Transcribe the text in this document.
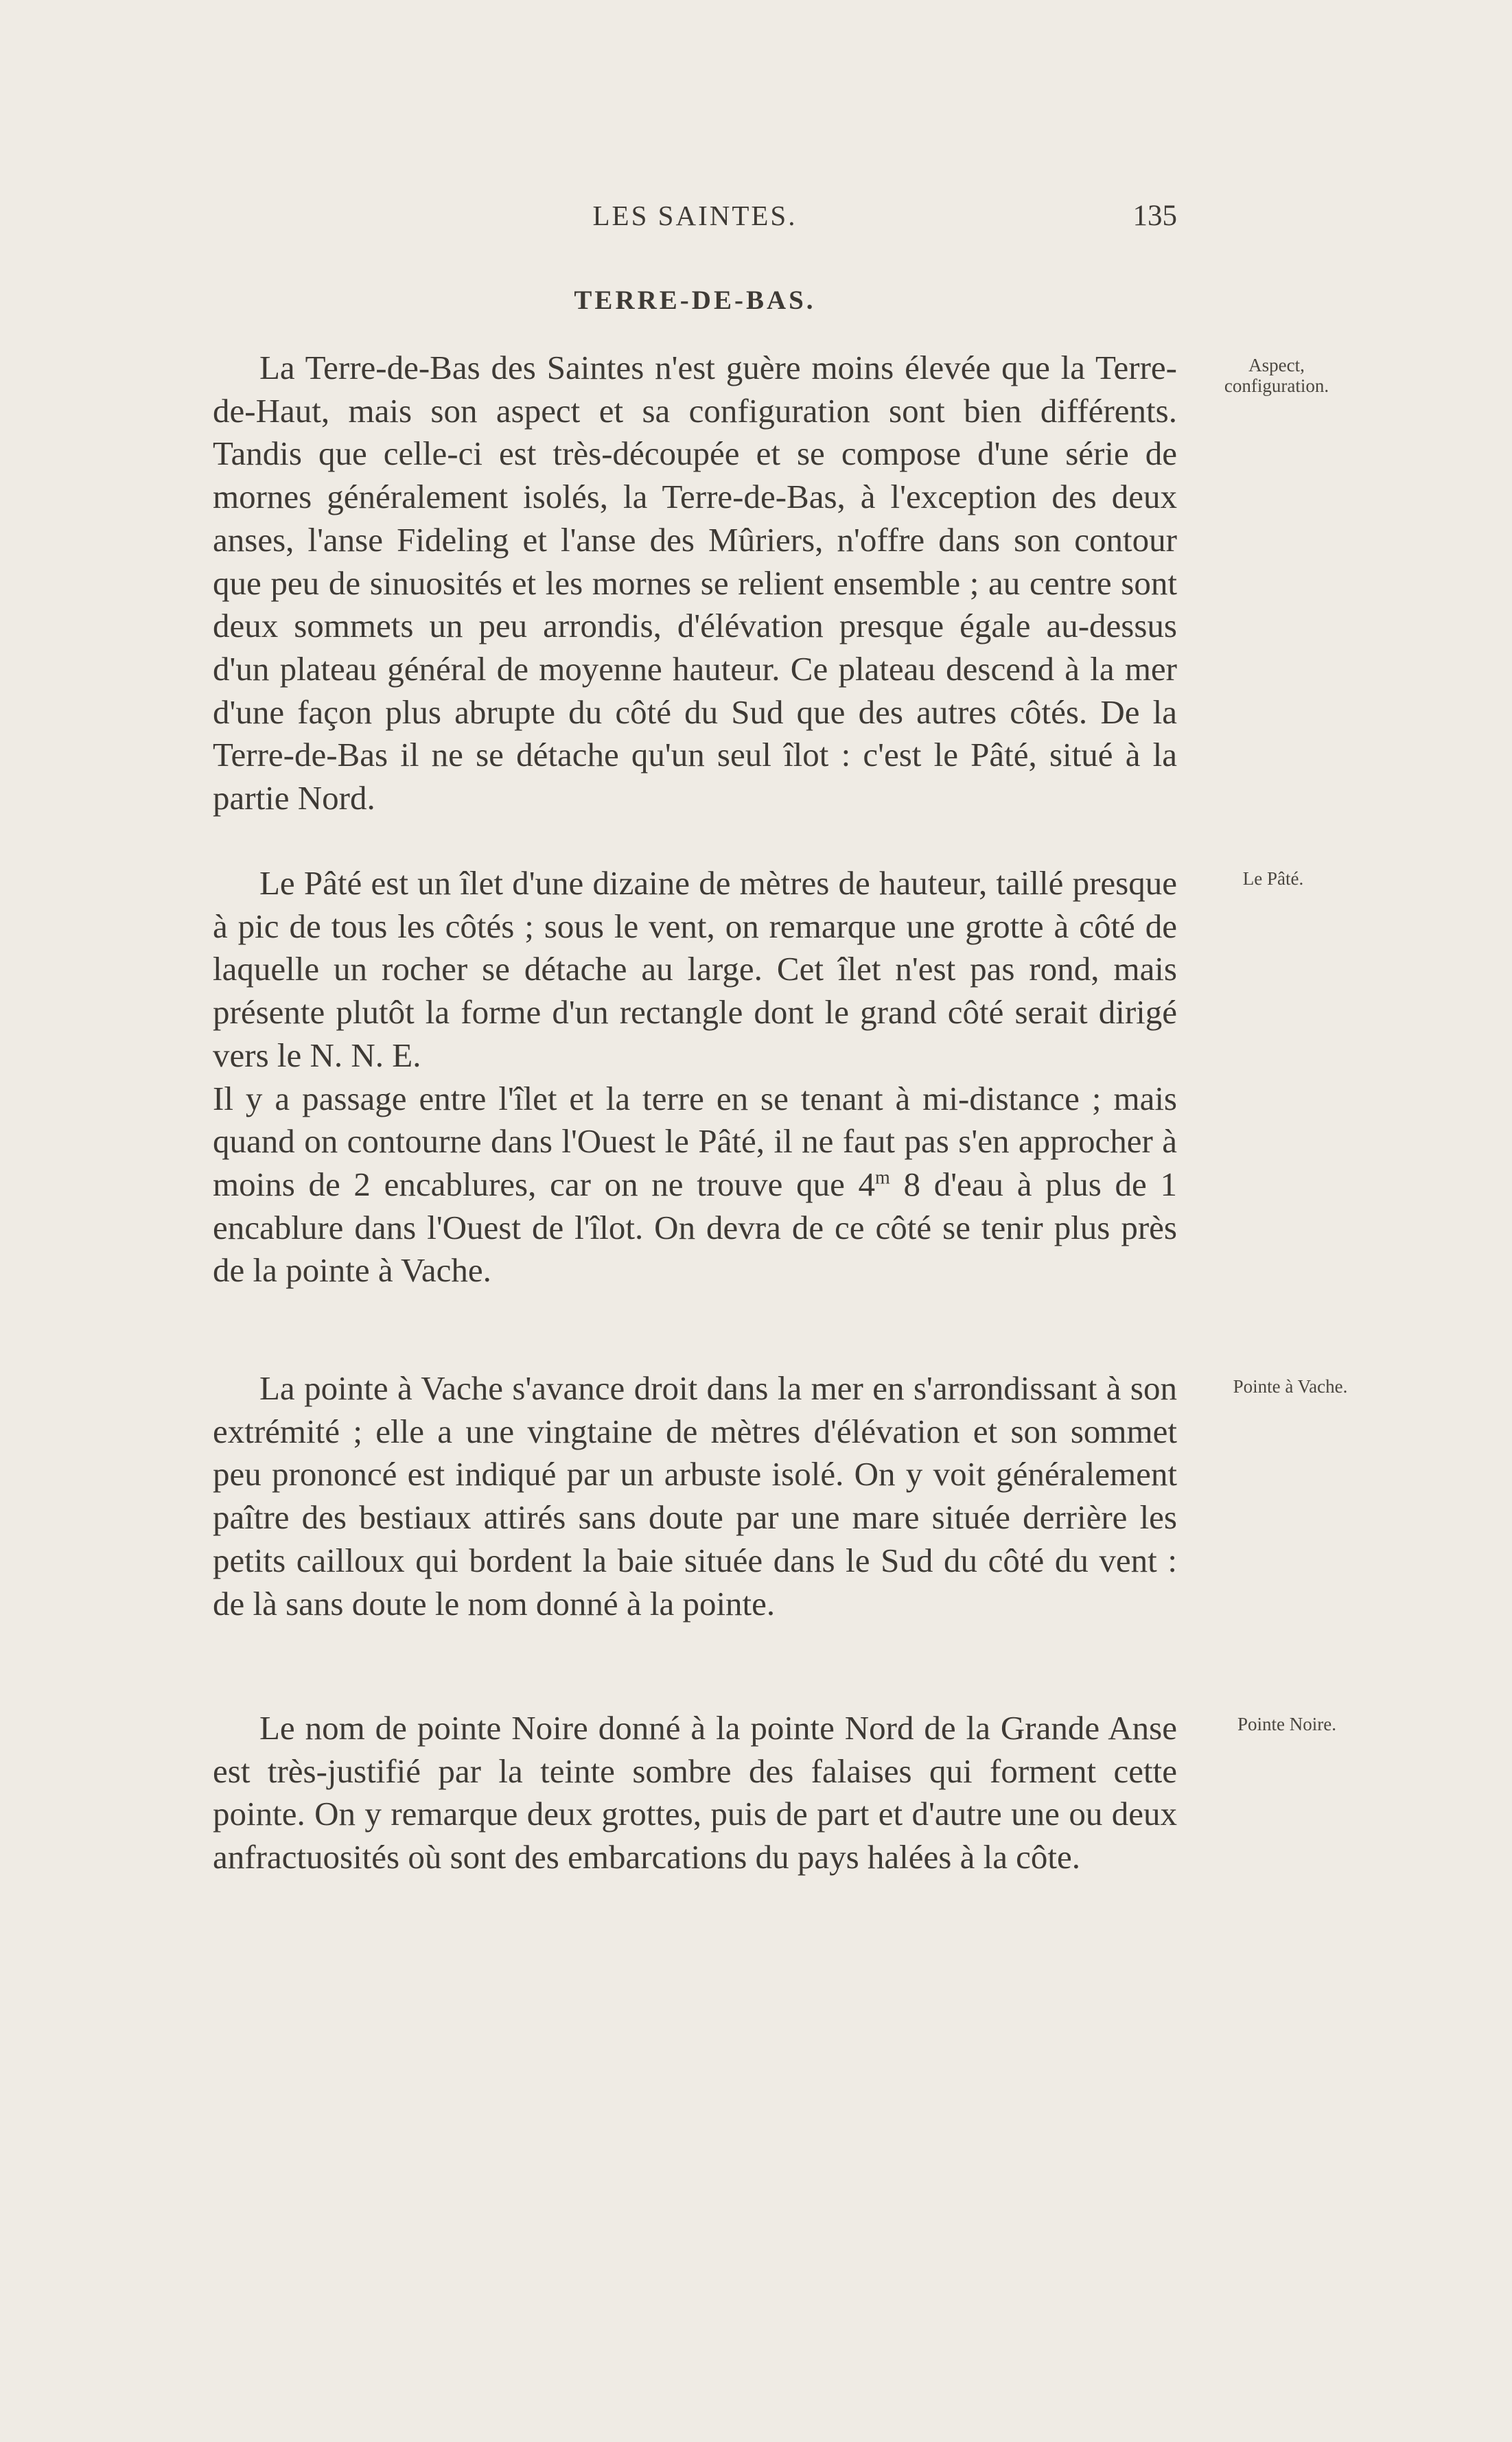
LES SAINTES.	135
TERRE-DE-BAS.

La Terre-de-Bas des Saintes n'est guère moins élevée que la Terre-de-Haut, mais son aspect et sa configuration sont bien différents. Tandis que celle-ci est très-découpée et se compose d'une série de mornes généralement isolés, la Terre-de-Bas, à l'exception des deux anses, l'anse Fideling et l'anse des Mûriers, n'offre dans son contour que peu de sinuosités et les mornes se relient ensemble ; au centre sont deux sommets un peu arrondis, d'élévation presque égale au-dessus d'un plateau général de moyenne hauteur. Ce plateau descend à la mer d'une façon plus abrupte du côté du Sud que des autres côtés. De la Terre-de-Bas il ne se détache qu'un seul îlot : c'est le Pâté, situé à la partie Nord.

Aspect, configuration.
Le Pâté est un îlet d'une dizaine de mètres de hauteur, taillé presque à pic de tous les côtés ; sous le vent, on remarque une grotte à côté de laquelle un rocher se détache au large. Cet îlet n'est pas rond, mais présente plutôt la forme d'un rectangle dont le grand côté serait dirigé vers le N. N. E.
Il y a passage entre l'îlet et la terre en se tenant à mi-distance ; mais quand on contourne dans l'Ouest le Pâté, il ne faut pas s'en approcher à moins de 2 encablures, car on ne trouve que 4$^m$ 8 d'eau à plus de 1 encablure dans l'Ouest de l'îlot. On devra de ce côté se tenir plus près de la pointe à Vache.
Le Pâté.

La pointe à Vache s'avance droit dans la mer en s'arrondissant à son extrémité ; elle a une vingtaine de mètres d'élévation et son sommet peu prononcé est indiqué par un arbuste isolé. On y voit généralement paître des bestiaux attirés sans doute par une mare située derrière les petits cailloux qui bordent la baie située dans le Sud du côté du vent : de là sans doute le nom donné à la pointe.

Pointe à Vache.

Le nom de pointe Noire donné à la pointe Nord de la Grande Anse est très-justifié par la teinte sombre des falaises qui forment cette pointe. On y remarque deux grottes, puis de part et d'autre une ou deux anfractuosités où sont des embarcations du pays halées à la côte.

Pointe Noire.
